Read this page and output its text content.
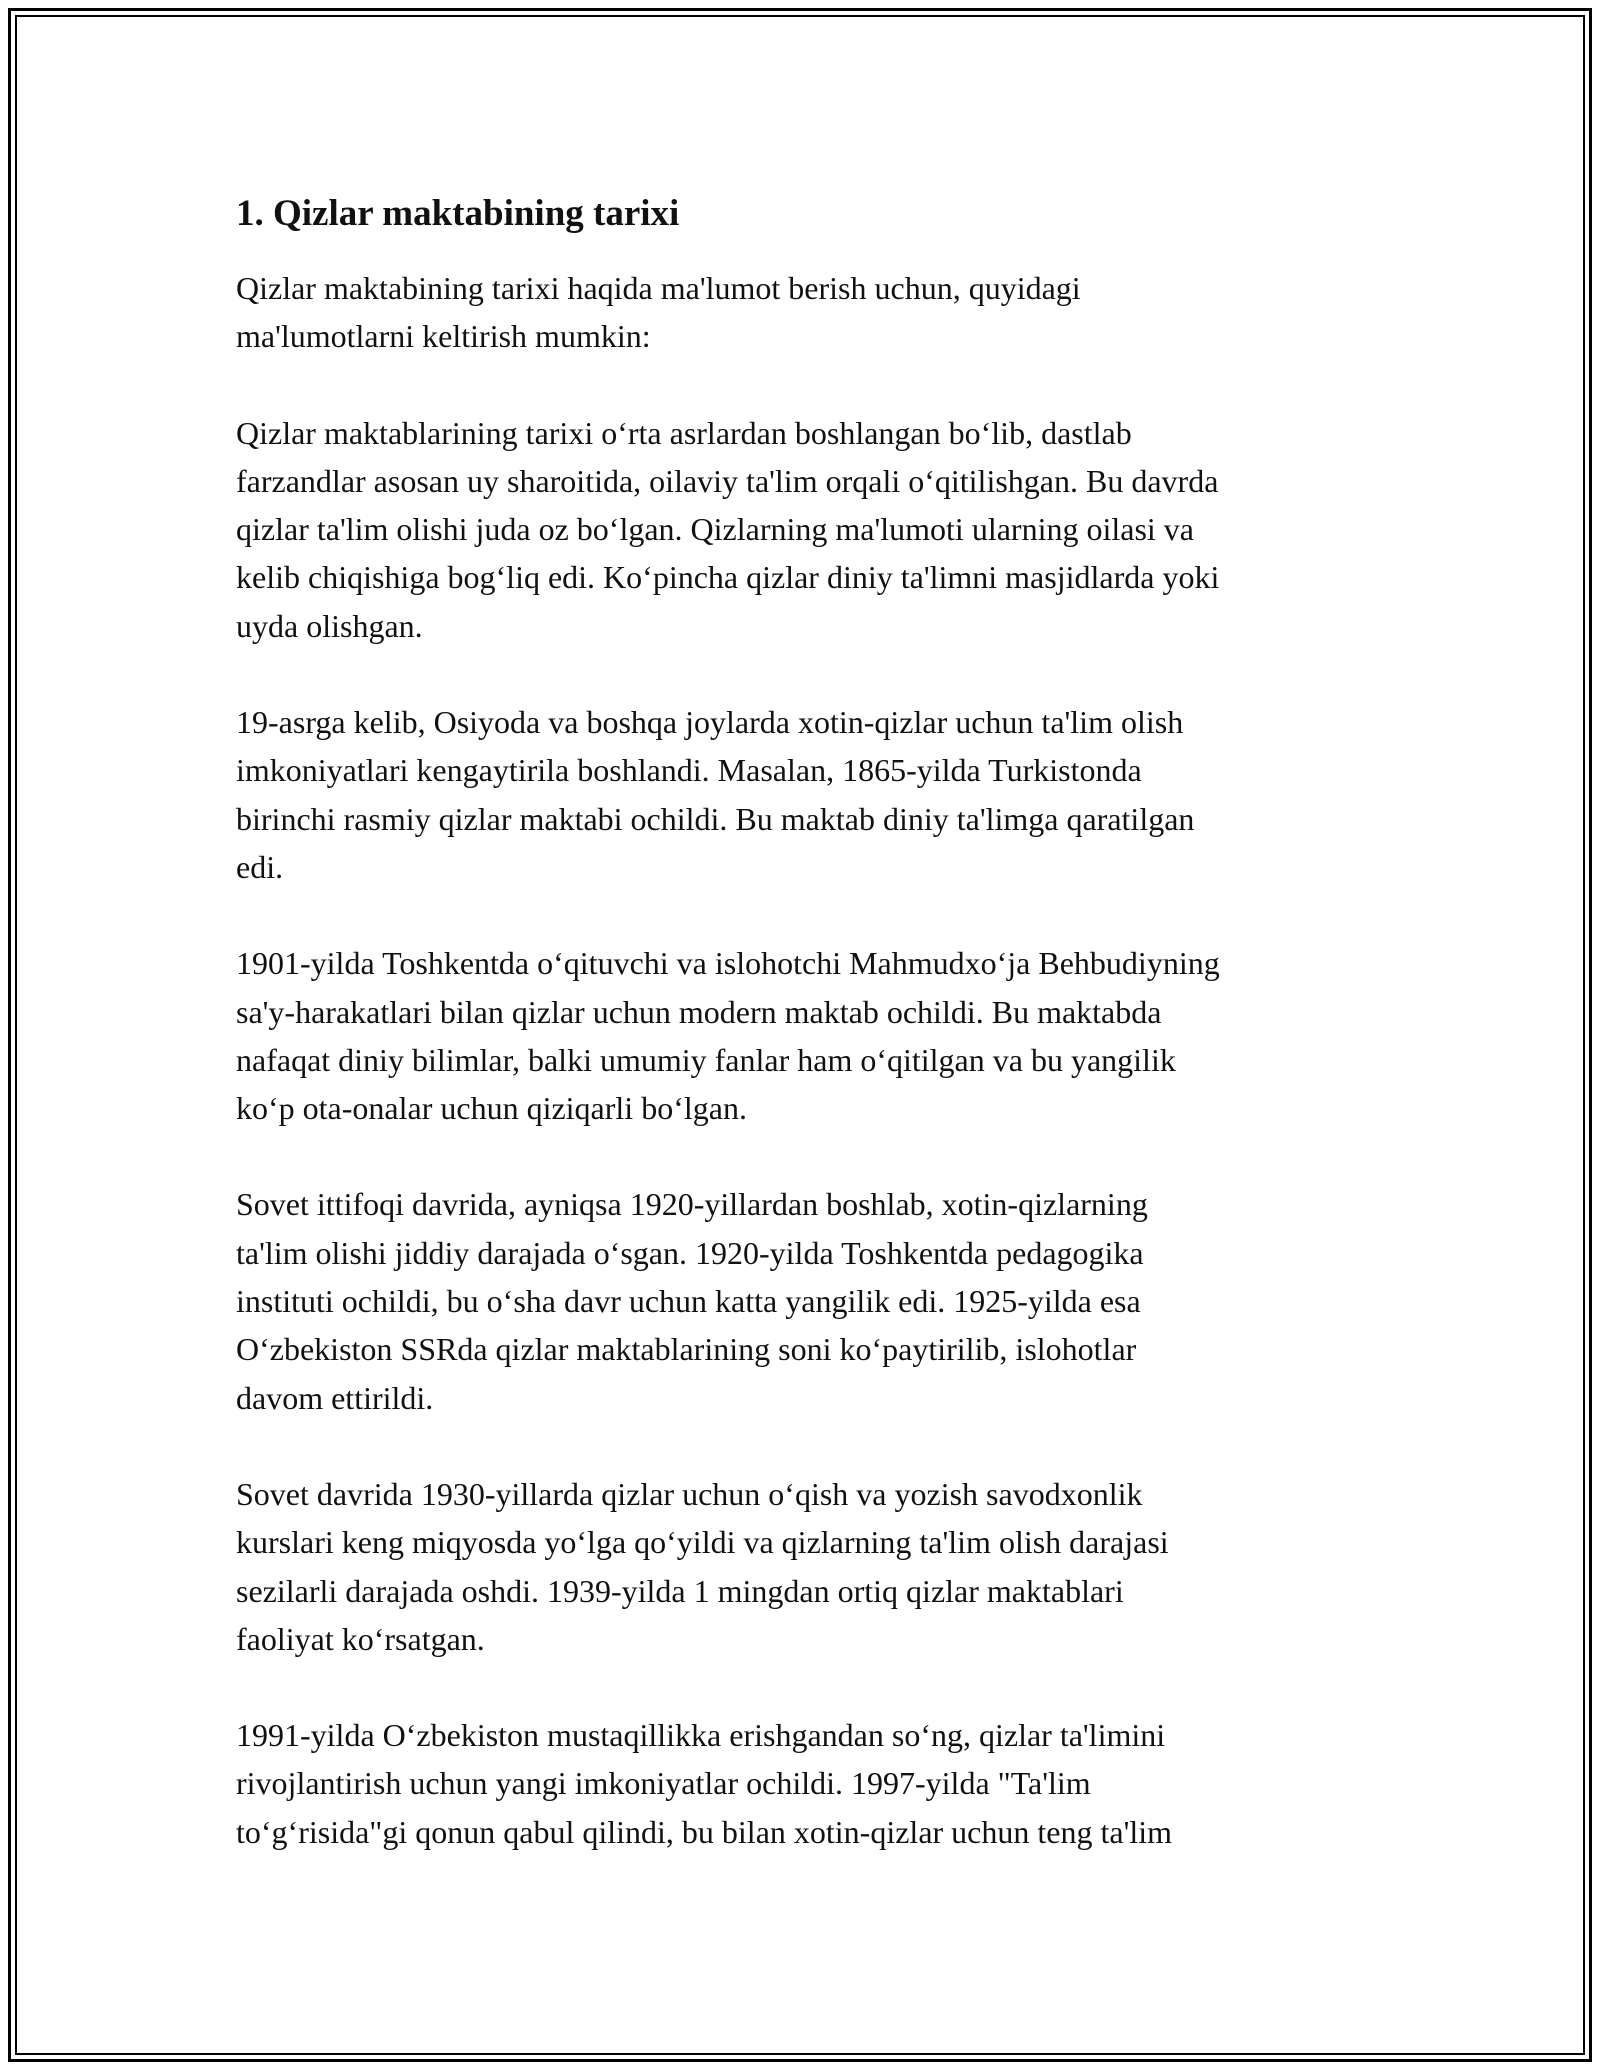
1. Qizlar maktabining tarixi

Qizlar maktabining tarixi haqida ma'lumot berish uchun, quyidagi
ma'lumotlarni keltirish mumkin:

Qizlar maktablarining tarixi o‘rta asrlardan boshlangan bo‘lib, dastlab
farzandlar asosan uy sharoitida, oilaviy ta'lim orqali o‘qitilishgan. Bu davrda
qizlar ta'lim olishi juda oz bo‘lgan. Qizlarning ma'lumoti ularning oilasi va
kelib chiqishiga bog‘liq edi. Ko‘pincha qizlar diniy ta'limni masjidlarda yoki
uyda olishgan.

19-asrga kelib, Osiyoda va boshqa joylarda xotin-qizlar uchun ta'lim olish
imkoniyatlari kengaytirila boshlandi. Masalan, 1865-yilda Turkistonda
birinchi rasmiy qizlar maktabi ochildi. Bu maktab diniy ta'limga qaratilgan
edi.

1901-yilda Toshkentda o‘qituvchi va islohotchi Mahmudxo‘ja Behbudiyning
sa'y-harakatlari bilan qizlar uchun modern maktab ochildi. Bu maktabda
nafaqat diniy bilimlar, balki umumiy fanlar ham o‘qitilgan va bu yangilik
ko‘p ota-onalar uchun qiziqarli bo‘lgan.

Sovet ittifoqi davrida, ayniqsa 1920-yillardan boshlab, xotin-qizlarning
ta'lim olishi jiddiy darajada o‘sgan. 1920-yilda Toshkentda pedagogika
instituti ochildi, bu o‘sha davr uchun katta yangilik edi. 1925-yilda esa
O‘zbekiston SSRda qizlar maktablarining soni ko‘paytirilib, islohotlar
davom ettirildi.

Sovet davrida 1930-yillarda qizlar uchun o‘qish va yozish savodxonlik
kurslari keng miqyosda yo‘lga qo‘yildi va qizlarning ta'lim olish darajasi
sezilarli darajada oshdi. 1939-yilda 1 mingdan ortiq qizlar maktablari
faoliyat ko‘rsatgan.

1991-yilda O‘zbekiston mustaqillikka erishgandan so‘ng, qizlar ta'limini
rivojlantirish uchun yangi imkoniyatlar ochildi. 1997-yilda "Ta'lim
to‘g‘risida"gi qonun qabul qilindi, bu bilan xotin-qizlar uchun teng ta'lim
